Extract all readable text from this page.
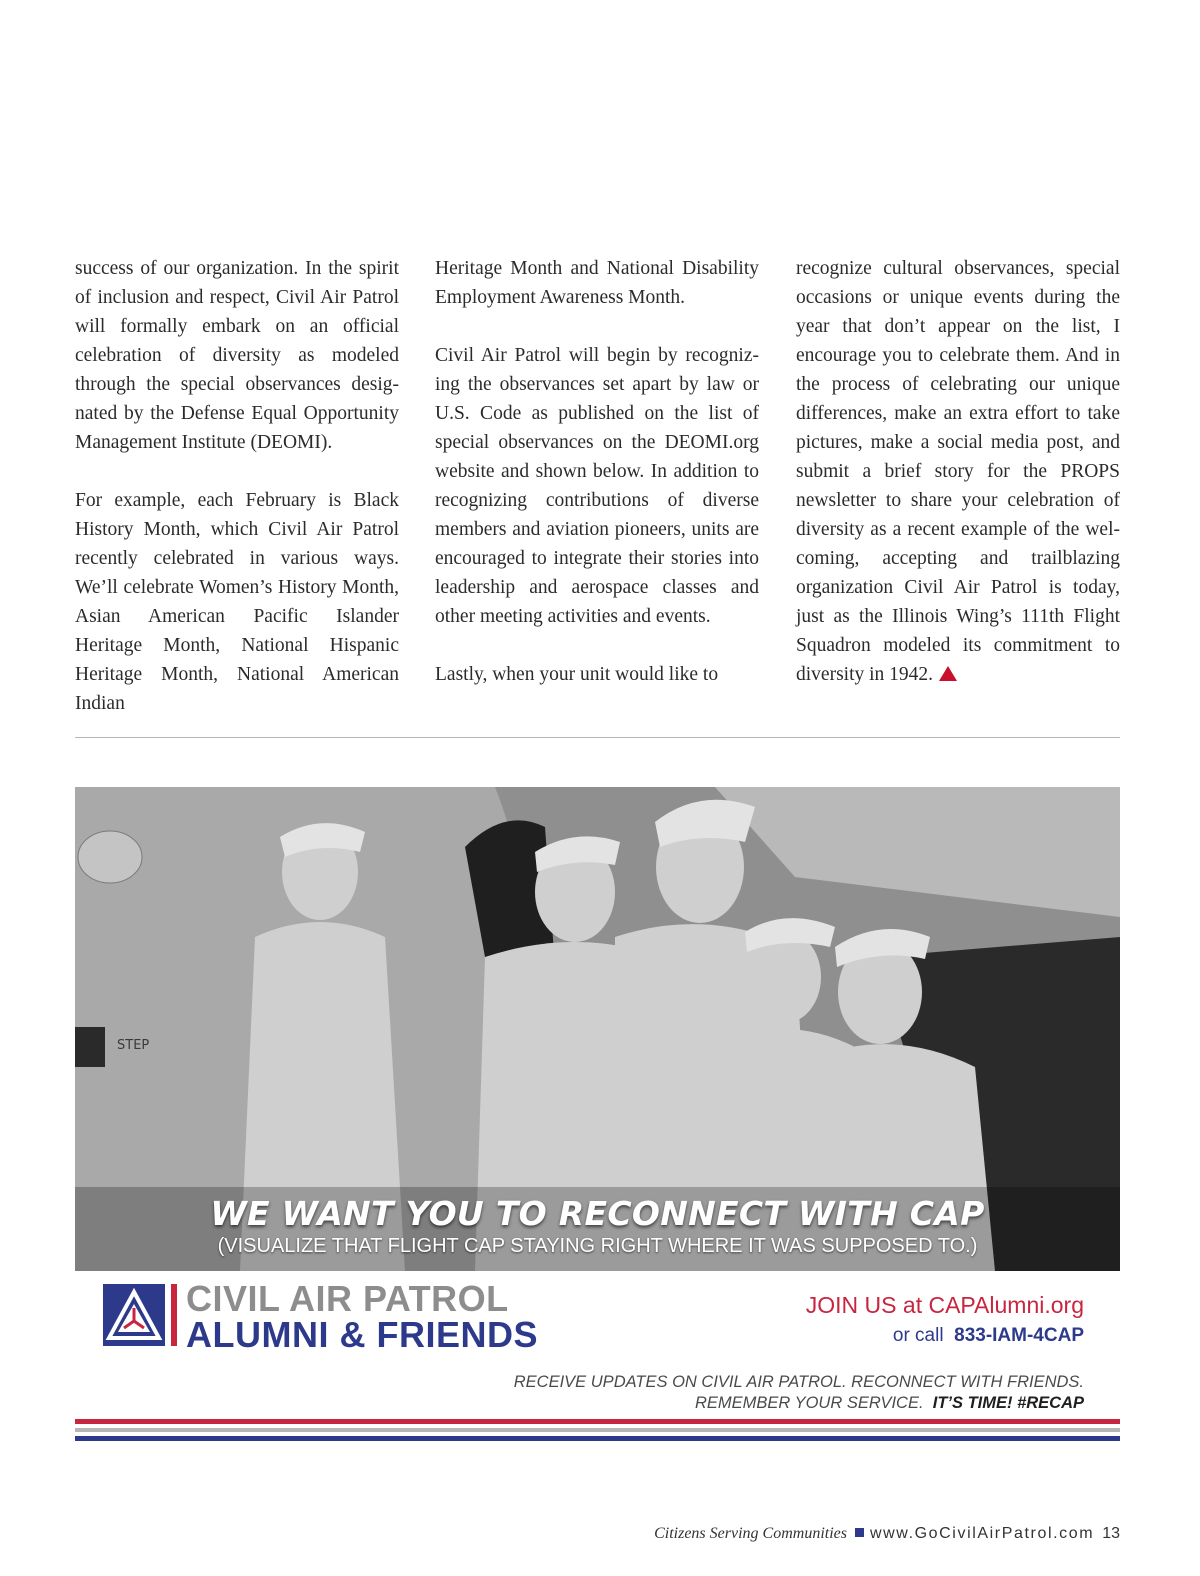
success of our organization. In the spirit of inclusion and respect, Civil Air Patrol will formally embark on an official celebration of diversity as modeled through the special observances designated by the Defense Equal Opportunity Management Institute (DEOMI).

For example, each February is Black History Month, which Civil Air Patrol recently celebrated in various ways. We’ll celebrate Women’s History Month, Asian American Pacific Islander Heritage Month, National Hispanic Heritage Month, National American Indian

Heritage Month and National Disability Employment Awareness Month.

Civil Air Patrol will begin by recognizing the observances set apart by law or U.S. Code as published on the list of special observances on the DEOMI.org website and shown below. In addition to recognizing contributions of diverse members and aviation pioneers, units are encouraged to integrate their stories into leadership and aerospace classes and other meeting activities and events.

Lastly, when your unit would like to

recognize cultural observances, special occasions or unique events during the year that don’t appear on the list, I encourage you to celebrate them. And in the process of celebrating our unique differences, make an extra effort to take pictures, make a social media post, and submit a brief story for the PROPS newsletter to share your celebration of diversity as a recent example of the welcoming, accepting and trailblazing organization Civil Air Patrol is today, just as the Illinois Wing’s 111th Flight Squadron modeled its commitment to diversity in 1942.

STEP
WE WANT YOU TO RECONNECT WITH CAP
(VISUALIZE THAT FLIGHT CAP STAYING RIGHT WHERE IT WAS SUPPOSED TO.)
CIVIL AIR PATROL
ALUMNI & FRIENDS
JOIN US at CAPAlumni.org
or call 833-IAM-4CAP
RECEIVE UPDATES ON CIVIL AIR PATROL. RECONNECT WITH FRIENDS.
REMEMBER YOUR SERVICE. IT’S TIME! #RECAP
Citizens Serving Communities www.GoCivilAirPatrol.com 13
